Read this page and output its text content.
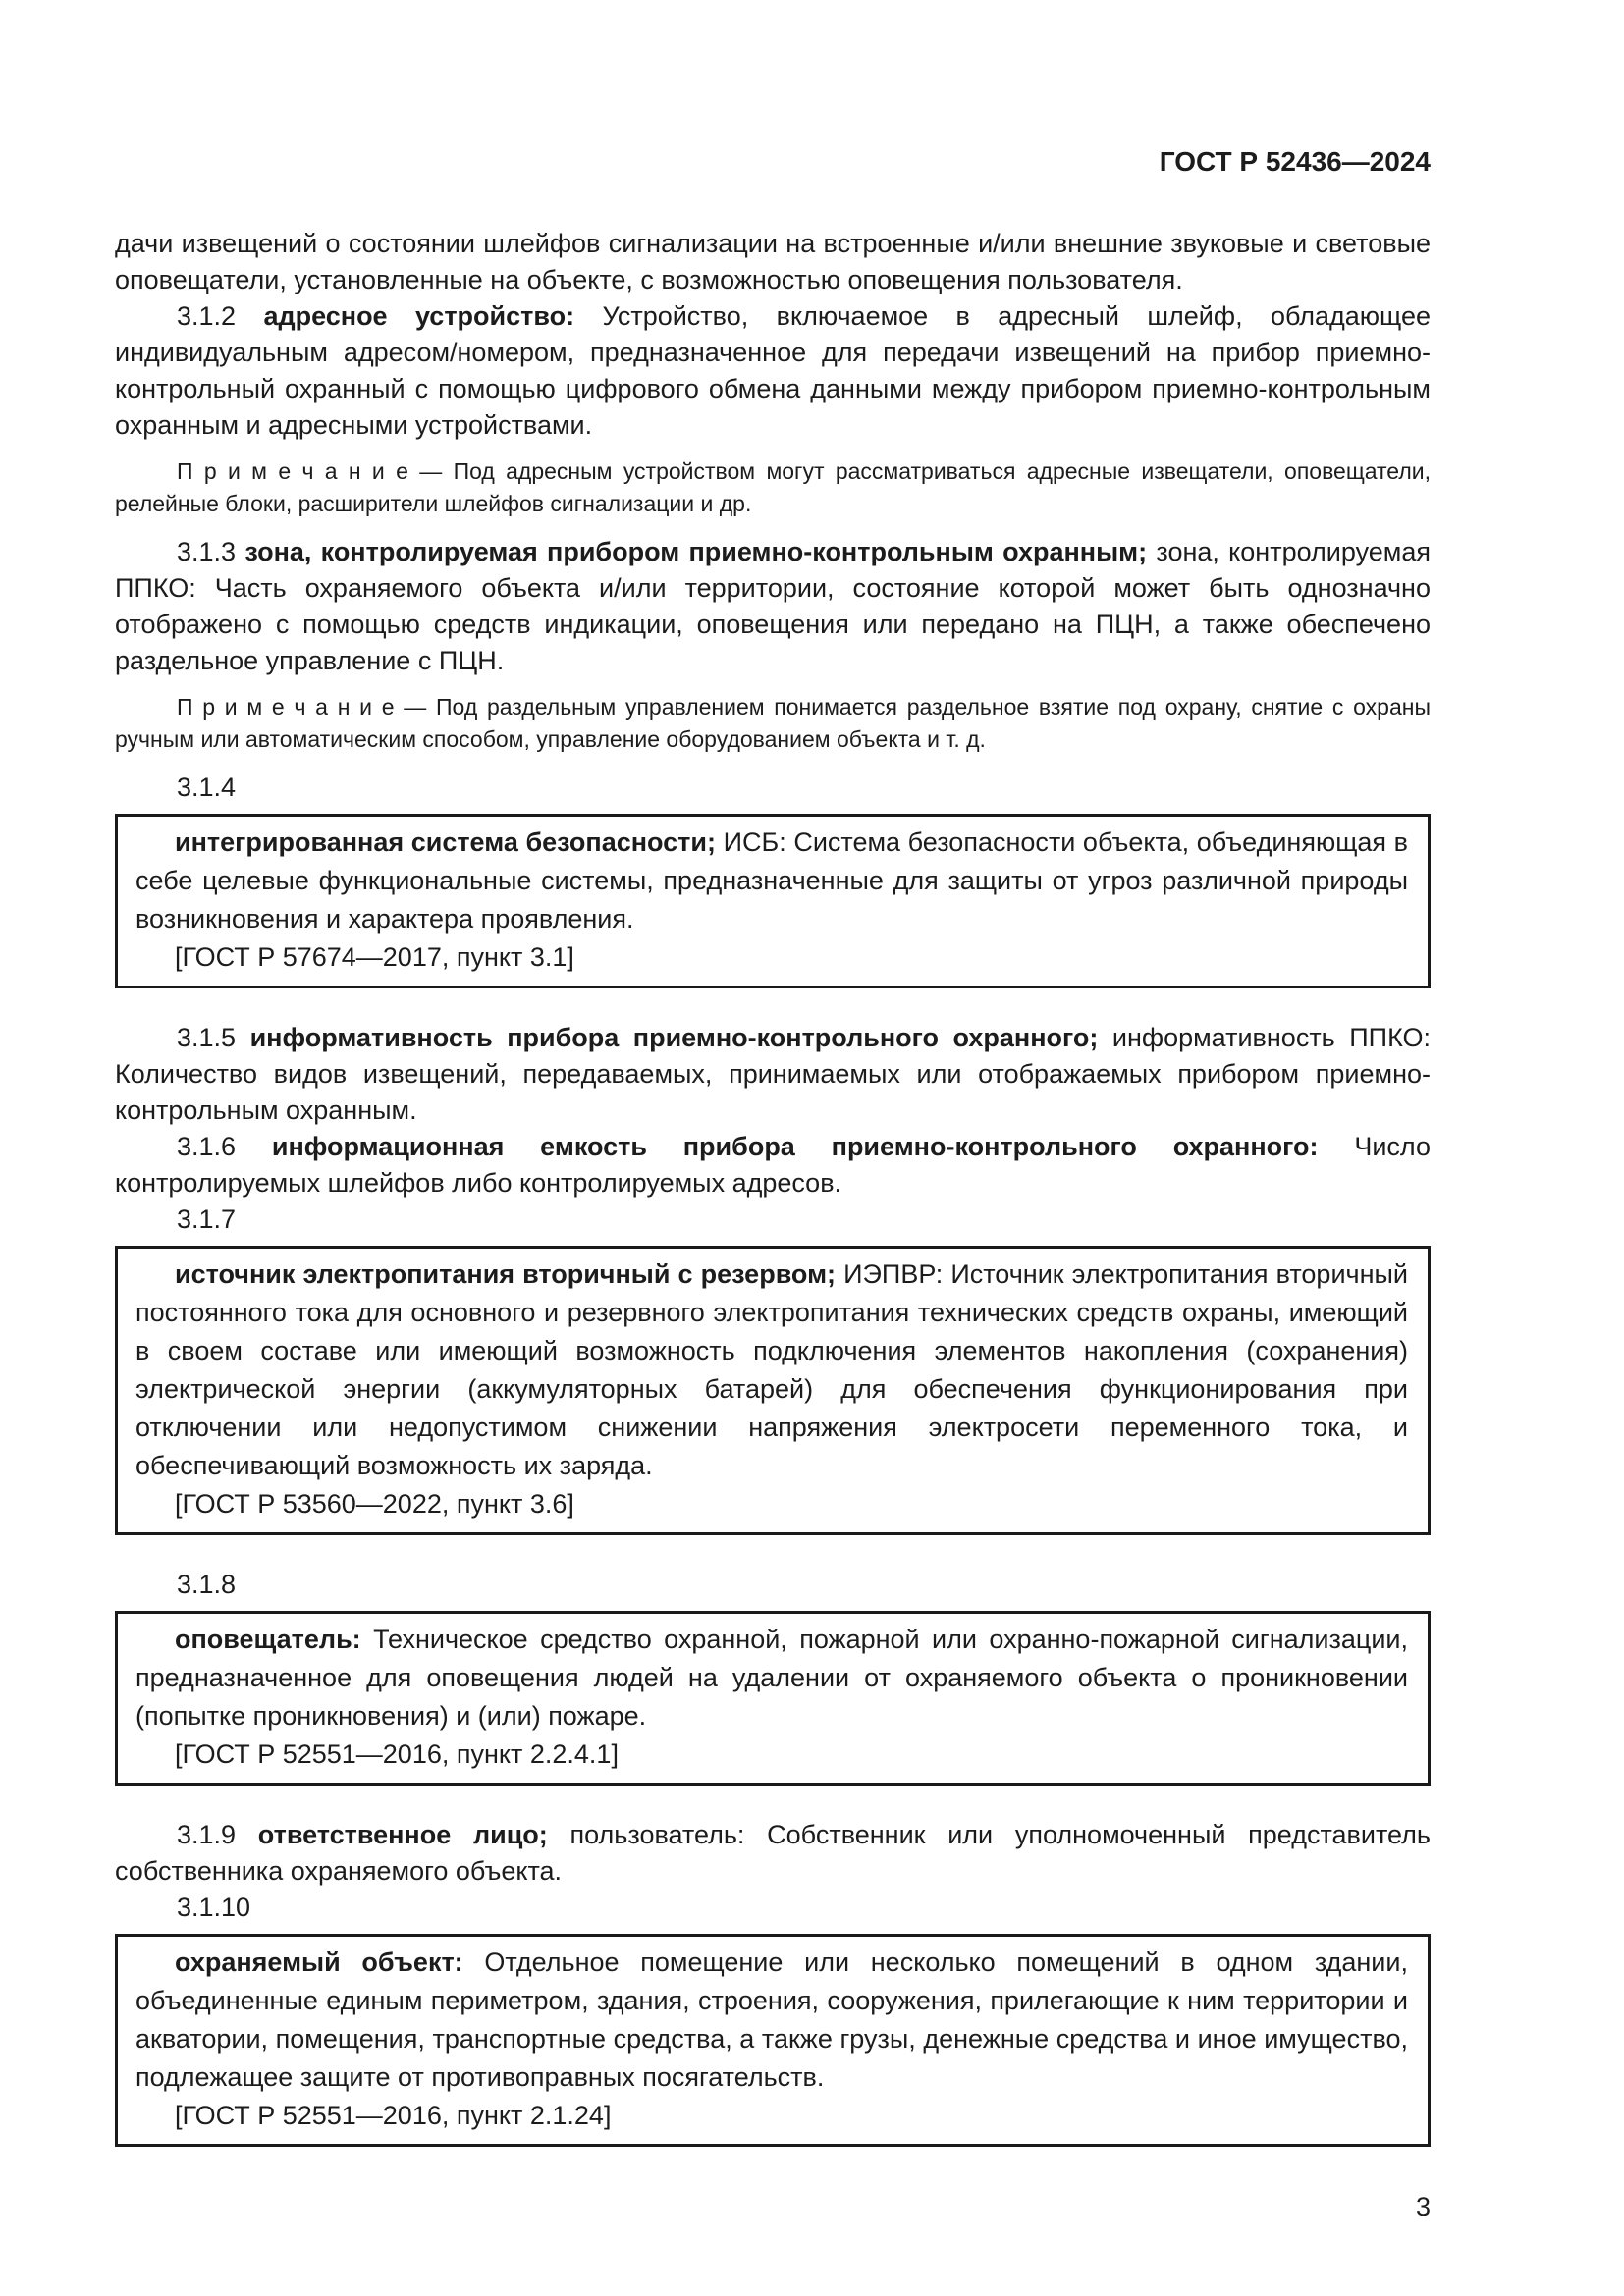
ГОСТ Р 52436—2024

дачи извещений о состоянии шлейфов сигнализации на встроенные и/или внешние звуковые и световые оповещатели, установленные на объекте, с возможностью оповещения пользователя.

3.1.2 адресное устройство: Устройство, включаемое в адресный шлейф, обладающее индивидуальным адресом/номером, предназначенное для передачи извещений на прибор приемно-контрольный охранный с помощью цифрового обмена данными между прибором приемно-контрольным охранным и адресными устройствами.

П р и м е ч а н и е — Под адресным устройством могут рассматриваться адресные извещатели, оповещатели, релейные блоки, расширители шлейфов сигнализации и др.

3.1.3 зона, контролируемая прибором приемно-контрольным охранным; зона, контролируемая ППКО: Часть охраняемого объекта и/или территории, состояние которой может быть однозначно отображено с помощью средств индикации, оповещения или передано на ПЦН, а также обеспечено раздельное управление с ПЦН.

П р и м е ч а н и е — Под раздельным управлением понимается раздельное взятие под охрану, снятие с охраны ручным или автоматическим способом, управление оборудованием объекта и т. д.

3.1.4

интегрированная система безопасности; ИСБ: Система безопасности объекта, объединяющая в себе целевые функциональные системы, предназначенные для защиты от угроз различной природы возникновения и характера проявления.

[ГОСТ Р 57674—2017, пункт 3.1]

3.1.5 информативность прибора приемно-контрольного охранного; информативность ППКО: Количество видов извещений, передаваемых, принимаемых или отображаемых прибором приемно-контрольным охранным.

3.1.6 информационная емкость прибора приемно-контрольного охранного: Число контролируемых шлейфов либо контролируемых адресов.

3.1.7

источник электропитания вторичный с резервом; ИЭПВР: Источник электропитания вторичный постоянного тока для основного и резервного электропитания технических средств охраны, имеющий в своем составе или имеющий возможность подключения элементов накопления (сохранения) электрической энергии (аккумуляторных батарей) для обеспечения функционирования при отключении или недопустимом снижении напряжения электросети переменного тока, и обеспечивающий возможность их заряда.

[ГОСТ Р 53560—2022, пункт 3.6]

3.1.8

оповещатель: Техническое средство охранной, пожарной или охранно-пожарной сигнализации, предназначенное для оповещения людей на удалении от охраняемого объекта о проникновении (попытке проникновения) и (или) пожаре.

[ГОСТ Р 52551—2016, пункт 2.2.4.1]

3.1.9 ответственное лицо; пользователь: Собственник или уполномоченный представитель собственника охраняемого объекта.

3.1.10

охраняемый объект: Отдельное помещение или несколько помещений в одном здании, объединенные единым периметром, здания, строения, сооружения, прилегающие к ним территории и акватории, помещения, транспортные средства, а также грузы, денежные средства и иное имущество, подлежащее защите от противоправных посягательств.

[ГОСТ Р 52551—2016, пункт 2.1.24]

3
